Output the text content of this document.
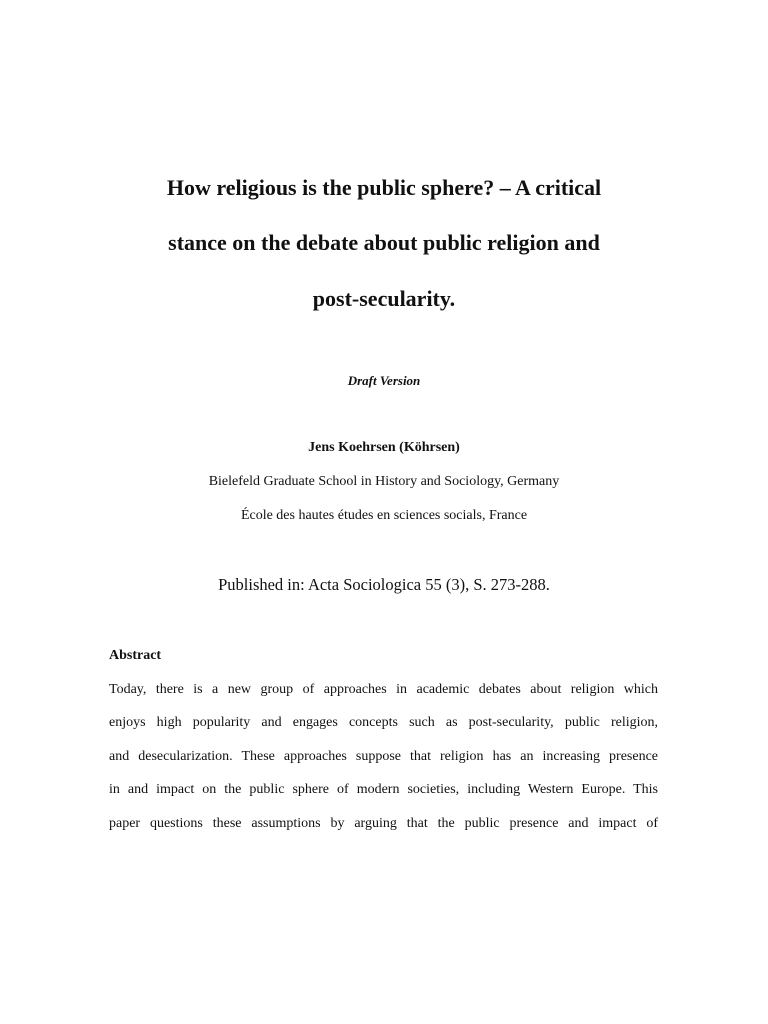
How religious is the public sphere? – A critical
stance on the debate about public religion and
post-secularity.
Draft Version
Jens Koehrsen (Köhrsen)
Bielefeld Graduate School in History and Sociology, Germany
École des hautes études en sciences socials, France
Published in: Acta Sociologica 55 (3), S. 273-288.
Abstract
Today, there is a new group of approaches in academic debates about religion which
enjoys high popularity and engages concepts such as post-secularity, public religion,
and desecularization. These approaches suppose that religion has an increasing presence
in and impact on the public sphere of modern societies, including Western Europe. This
paper questions these assumptions by arguing that the public presence and impact of
